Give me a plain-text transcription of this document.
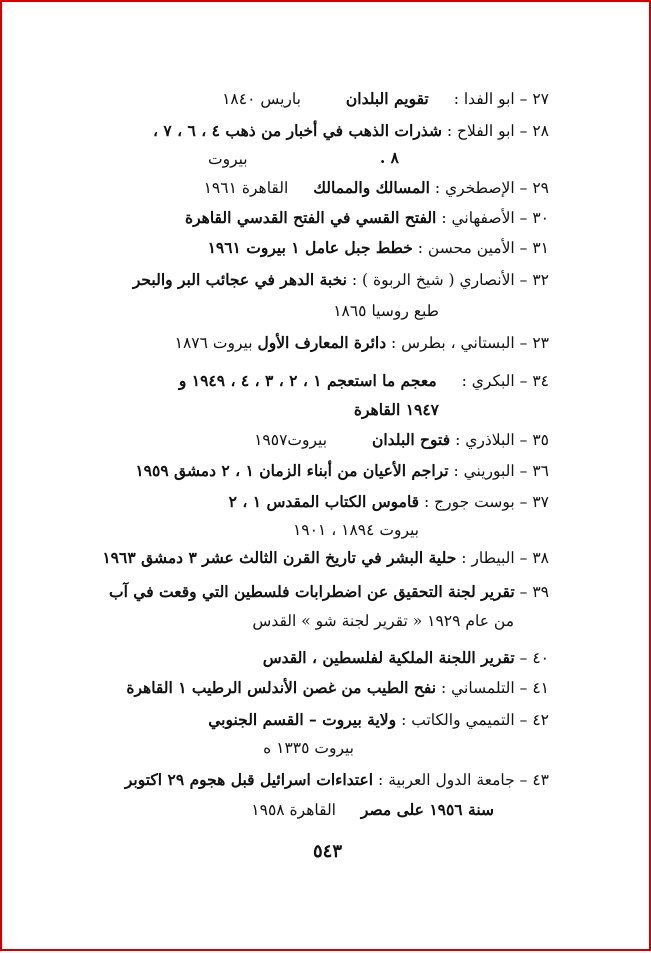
٢٧ – ابو الفدا : تقويم البلدان باريس ١٨٤٠
٢٨ – ابو الفلاح : شذرات الذهب في أخبار من ذهب ٤ ، ٦ ، ٧ ،
٨ .
بيروت
٢٩ – الإصطخري : المسالك والممالك القاهرة ١٩٦١
٣٠ – الأصفهاني : الفتح القسي في الفتح القدسي القاهرة
٣١ – الأمين محسن : خطط جبل عامل ١ بيروت ١٩٦١
٣٢ – الأنصاري ( شيخ الربوة ) : نخبة الدهر في عجائب البر والبحر
طبع روسيا ١٨٦٥
٢٣ – البستاني ، بطرس : دائرة المعارف الأول بيروت ١٨٧٦
٣٤ – البكري : معجم ما استعجم ١ ، ٢ ، ٣ ، ٤ ، ١٩٤٩ و
١٩٤٧ القاهرة
٣٥ – البلاذري : فتوح البلدان بيروت١٩٥٧
٣٦ – البوريني : تراجم الأعيان من أبناء الزمان ١ ، ٢ دمشق ١٩٥٩
٣٧ – بوست جورج : قاموس الكتاب المقدس ١ ، ٢
بيروت ١٨٩٤ ، ١٩٠١
٣٨ – البيطار : حلية البشر في تاريخ القرن الثالث عشر ٣ دمشق ١٩٦٣
٣٩ – تقرير لجنة التحقيق عن اضطرابات فلسطين التي وقعت في آب
من عام ١٩٢٩ « تقرير لجنة شو » القدس
٤٠ – تقرير اللجنة الملكية لفلسطين ، القدس
٤١ – التلمساني : نفح الطيب من غصن الأندلس الرطيب ١ القاهرة
٤٢ – التميمي والكاتب : ولاية بيروت – القسم الجنوبي
بيروت ١٣٣٥ ه
٤٣ – جامعة الدول العربية : اعتداءات اسرائيل قبل هجوم ٢٩ اكتوبر
سنة ١٩٥٦ على مصر القاهرة ١٩٥٨
٥٤٣
